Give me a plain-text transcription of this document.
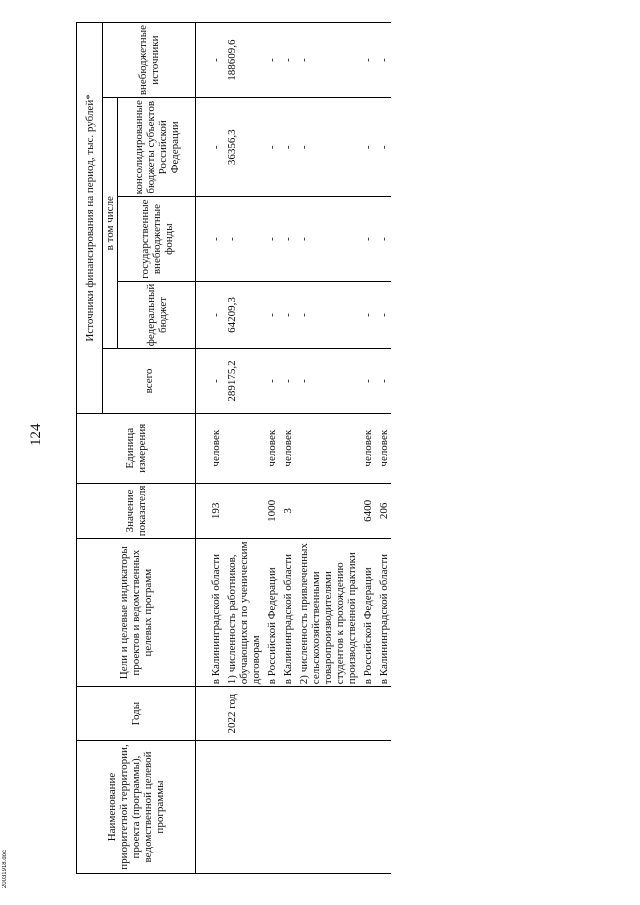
124
Наименование приоритетной территории, проекта (программы), ведомственной целевой программы	Годы	Цели и целевые индикаторы проектов и ведомственных целевых программ	Значение показателя	Единица измерения	Источники финансирования на период, тыс. рублей*				
					всего	в том числе			внебюджетные источники
						федеральный бюджет	государственные внебюджетные фонды	консолидированные бюджеты субъектов Российской Федерации	
		в Калининградской области	193	человек	-	-	-	-	-
	2022 год	1) численность работников, обучающихся по ученическим договорам			289175,2	64209,3	-	36356,3	188609,6
		в Российской Федерации	1000	человек	-	-	-	-	-
		в Калининградской области	3	человек	-	-	-	-	-
		2) численность привлеченных сельскохозяйственными товаропроизводителями студентов к прохождению производственной практики			-	-	-	-	-
		в Российской Федерации	6400	человек	-	-	-	-	-
		в Калининградской области	206	человек	-	-	-	-	-
20031918.doc
